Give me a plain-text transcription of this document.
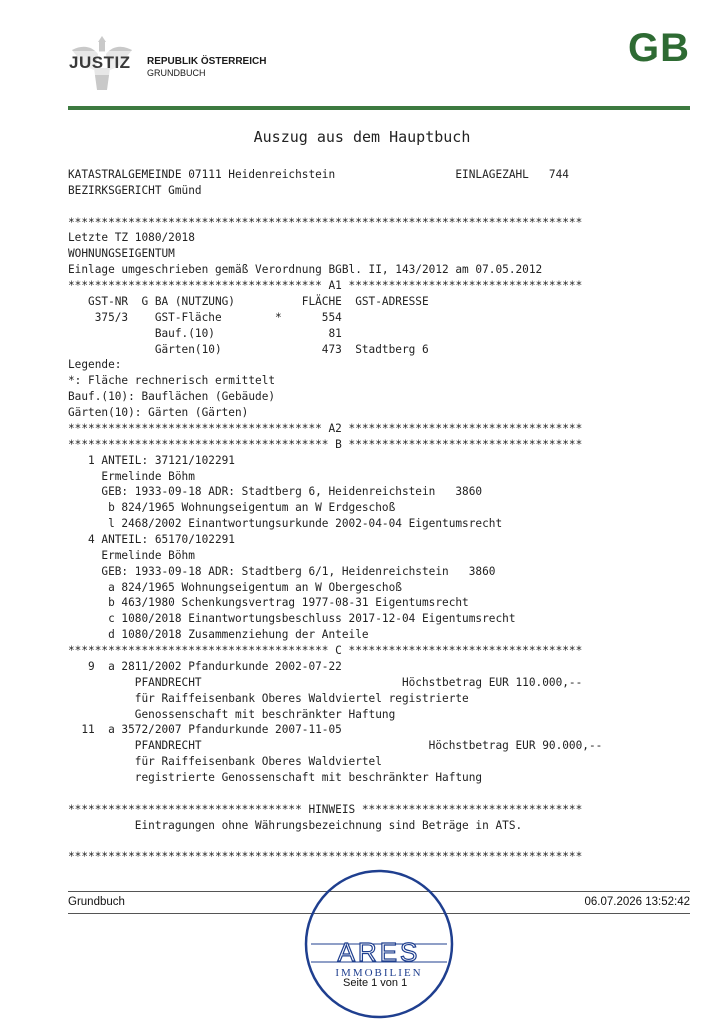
JUSTIZ REPUBLIK ÖSTERREICH
GRUNDBUCH
GB
Auszug aus dem Hauptbuch
KATASTRALGEMEINDE 07111 Heidenreichstein                  EINLAGEZAHL   744
BEZIRKSGERICHT Gmünd
*****************************************************************************
Letzte TZ 1080/2018
WOHNUNGSEIGENTUM
Einlage umgeschrieben gemäß Verordnung BGBl. II, 143/2012 am 07.05.2012
************************************** A1 ***********************************
GST-NR  G BA (NUTZUNG)          FLÄCHE  GST-ADRESSE
375/3    GST-Fläche        *      554
Bauf.(10)                 81
Gärten(10)               473  Stadtberg 6
Legende:
*: Fläche rechnerisch ermittelt
Bauf.(10): Bauflächen (Gebäude)
Gärten(10): Gärten (Gärten)
************************************** A2 ***********************************
*************************************** B ***********************************
1 ANTEIL: 37121/102291
Ermelinde Böhm
GEB: 1933-09-18 ADR: Stadtberg 6, Heidenreichstein   3860
b 824/1965 Wohnungseigentum an W Erdgeschoß
l 2468/2002 Einantwortungsurkunde 2002-04-04 Eigentumsrecht
4 ANTEIL: 65170/102291
Ermelinde Böhm
GEB: 1933-09-18 ADR: Stadtberg 6/1, Heidenreichstein   3860
a 824/1965 Wohnungseigentum an W Obergeschoß
b 463/1980 Schenkungsvertrag 1977-08-31 Eigentumsrecht
c 1080/2018 Einantwortungsbeschluss 2017-12-04 Eigentumsrecht
d 1080/2018 Zusammenziehung der Anteile
*************************************** C ***********************************
9  a 2811/2002 Pfandurkunde 2002-07-22
PFANDRECHT                              Höchstbetrag EUR 110.000,--
für Raiffeisenbank Oberes Waldviertel registrierte
Genossenschaft mit beschränkter Haftung
11  a 3572/2007 Pfandurkunde 2007-11-05
PFANDRECHT                                  Höchstbetrag EUR 90.000,--
für Raiffeisenbank Oberes Waldviertel
registrierte Genossenschaft mit beschränkter Haftung
*********************************** HINWEIS *********************************
Eintragungen ohne Währungsbezeichnung sind Beträge in ATS.
*****************************************************************************
Grundbuch	06.07.2026 13:52:42
ARES
IMMOBILIEN
Seite 1 von 1
